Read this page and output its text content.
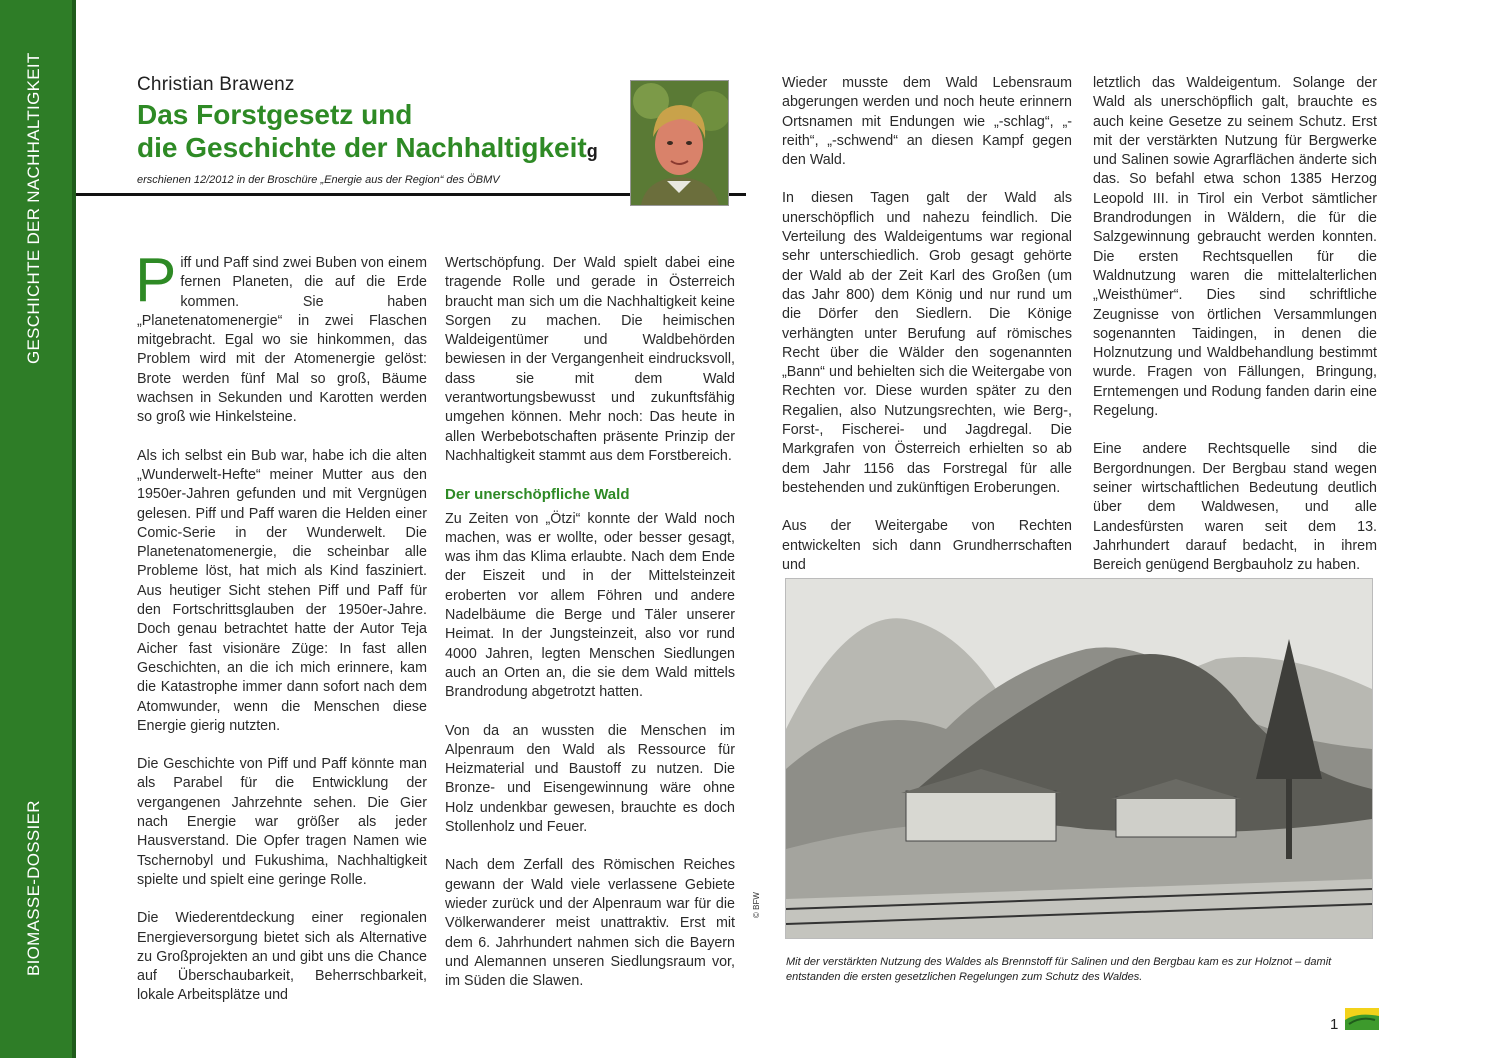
GESCHICHTE DER NACHHALTIGKEIT
BIOMASSE-DOSSIER
Christian Brawenz
Das Forstgesetz und
die Geschichte der Nachhaltigkeitg
erschienen 12/2012 in der Broschüre „Energie aus der Region“ des ÖBMV

Piff und Paff sind zwei Buben von einem fernen Planeten, die auf die Erde kommen. Sie haben „Planetenatomenergie“ in zwei Flaschen mitgebracht. Egal wo sie hinkommen, das Problem wird mit der Atomenergie gelöst: Brote werden fünf Mal so groß, Bäume wachsen in Sekunden und Karotten werden so groß wie Hinkelsteine.

Als ich selbst ein Bub war, habe ich die alten „Wunderwelt-Hefte“ meiner Mutter aus den 1950er-Jahren gefunden und mit Vergnügen gelesen. Piff und Paff waren die Helden einer Comic-Serie in der Wunderwelt. Die Planetenatomenergie, die scheinbar alle Probleme löst, hat mich als Kind fasziniert. Aus heutiger Sicht stehen Piff und Paff für den Fortschrittsglauben der 1950er-Jahre. Doch genau betrachtet hatte der Autor Teja Aicher fast visionäre Züge: In fast allen Geschichten, an die ich mich erinnere, kam die Katastrophe immer dann sofort nach dem Atomwunder, wenn die Menschen diese Energie gierig nutzten.

Die Geschichte von Piff und Paff könnte man als Parabel für die Entwicklung der vergangenen Jahrzehnte sehen. Die Gier nach Energie war größer als jeder Hausverstand. Die Opfer tragen Namen wie Tschernobyl und Fukushima, Nachhaltigkeit spielte und spielt eine geringe Rolle.

Die Wiederentdeckung einer regionalen Energieversorgung bietet sich als Alternative zu Großprojekten an und gibt uns die Chance auf Überschaubarkeit, Beherrschbarkeit, lokale Arbeitsplätze und

Wertschöpfung. Der Wald spielt dabei eine tragende Rolle und gerade in Österreich braucht man sich um die Nachhaltigkeit keine Sorgen zu machen. Die heimischen Waldeigentümer und Waldbehörden bewiesen in der Vergangenheit eindrucksvoll, dass sie mit dem Wald verantwortungsbewusst und zukunftsfähig umgehen können. Mehr noch: Das heute in allen Werbebotschaften präsente Prinzip der Nachhaltigkeit stammt aus dem Forstbereich.

Der unerschöpfliche Wald

Zu Zeiten von „Ötzi“ konnte der Wald noch machen, was er wollte, oder besser gesagt, was ihm das Klima erlaubte. Nach dem Ende der Eiszeit und in der Mittelsteinzeit eroberten vor allem Föhren und andere Nadelbäume die Berge und Täler unserer Heimat. In der Jungsteinzeit, also vor rund 4000 Jahren, legten Menschen Siedlungen auch an Orten an, die sie dem Wald mittels Brandrodung abgetrotzt hatten.

Von da an wussten die Menschen im Alpenraum den Wald als Ressource für Heizmaterial und Baustoff zu nutzen. Die Bronze- und Eisengewinnung wäre ohne Holz undenkbar gewesen, brauchte es doch Stollenholz und Feuer.

Nach dem Zerfall des Römischen Reiches gewann der Wald viele verlassene Gebiete wieder zurück und der Alpenraum war für die Völkerwanderer meist unattraktiv. Erst mit dem 6. Jahrhundert nahmen sich die Bayern und Alemannen unseren Siedlungsraum vor, im Süden die Slawen.

Wieder musste dem Wald Lebensraum abgerungen werden und noch heute erinnern Ortsnamen mit Endungen wie „-schlag“, „-reith“, „-schwend“ an diesen Kampf gegen den Wald.

In diesen Tagen galt der Wald als unerschöpflich und nahezu feindlich. Die Verteilung des Waldeigentums war regional sehr unterschiedlich. Grob gesagt gehörte der Wald ab der Zeit Karl des Großen (um das Jahr 800) dem König und nur rund um die Dörfer den Siedlern. Die Könige verhängten unter Berufung auf römisches Recht über die Wälder den sogenannten „Bann“ und behielten sich die Weitergabe von Rechten vor. Diese wurden später zu den Regalien, also Nutzungsrechten, wie Berg-, Forst-, Fischerei- und Jagdregal. Die Markgrafen von Österreich erhielten so ab dem Jahr 1156 das Forstregal für alle bestehenden und zukünftigen Eroberungen.

Aus der Weitergabe von Rechten entwickelten sich dann Grundherrschaften und

letztlich das Waldeigentum. Solange der Wald als unerschöpflich galt, brauchte es auch keine Gesetze zu seinem Schutz. Erst mit der verstärkten Nutzung für Bergwerke und Salinen sowie Agrarflächen änderte sich das. So befahl etwa schon 1385 Herzog Leopold III. in Tirol ein Verbot sämtlicher Brandrodungen in Wäldern, die für die Salzgewinnung gebraucht werden konnten. Die ersten Rechtsquellen für die Waldnutzung waren die mittelalterlichen „Weisthümer“. Dies sind schriftliche Zeugnisse von örtlichen Versammlungen sogenannten Taidingen, in denen die Holznutzung und Waldbehandlung bestimmt wurde. Fragen von Fällungen, Bringung, Erntemengen und Rodung fanden darin eine Regelung.

Eine andere Rechtsquelle sind die Bergordnungen. Der Bergbau stand wegen seiner wirtschaftlichen Bedeutung deutlich über dem Waldwesen, und alle Landesfürsten waren seit dem 13. Jahrhundert darauf bedacht, in ihrem Bereich genügend Bergbauholz zu haben.

© BFW
Mit der verstärkten Nutzung des Waldes als Brennstoff für Salinen und den Bergbau kam es zur Holznot – damit entstanden die ersten gesetzlichen Regelungen zum Schutz des Waldes.
1
